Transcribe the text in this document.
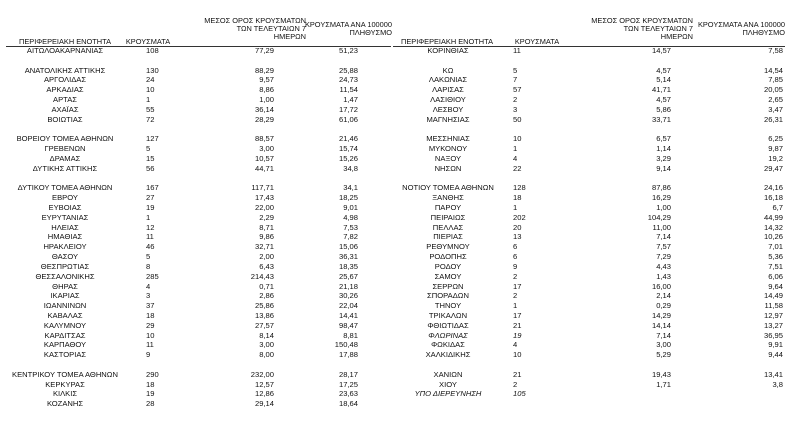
ΠΕΡΙΦΕΡΕΙΑΚΗ ΕΝΟΤΗΤΑ	ΚΡΟΥΣΜΑΤΑ
ΜΕΣΟΣ ΟΡΟΣ ΚΡΟΥΣΜΑΤΩΝ
ΤΩΝ ΤΕΛΕΥΤΑΙΩΝ 7
ΗΜΕΡΩΝ
ΚΡΟΥΣΜΑΤΑ ΑΝΑ 100000
ΠΛΗΘΥΣΜΟ
ΑΙΤΩΛΟΑΚΑΡΝΑΝΙΑΣ	108	77,29	51,23
ΑΝΑΤΟΛΙΚΗΣ ΑΤΤΙΚΗΣ	130	88,29	25,88
ΑΡΓΟΛΙΔΑΣ	24	9,57	24,73
ΑΡΚΑΔΙΑΣ	10	8,86	11,54
ΑΡΤΑΣ	1	1,00	1,47
ΑΧΑΪΑΣ	55	36,14	17,72
ΒΟΙΩΤΙΑΣ	72	28,29	61,06
ΒΟΡΕΙΟΥ ΤΟΜΕΑ ΑΘΗΝΩΝ	127	88,57	21,46
ΓΡΕΒΕΝΩΝ	5	3,00	15,74
ΔΡΑΜΑΣ	15	10,57	15,26
ΔΥΤΙΚΗΣ ΑΤΤΙΚΗΣ	56	44,71	34,8
ΔΥΤΙΚΟΥ ΤΟΜΕΑ ΑΘΗΝΩΝ	167	117,71	34,1
ΕΒΡΟΥ	27	17,43	18,25
ΕΥΒΟΙΑΣ	19	22,00	9,01
ΕΥΡΥΤΑΝΙΑΣ	1	2,29	4,98
ΗΛΕΙΑΣ	12	8,71	7,53
ΗΜΑΘΙΑΣ	11	9,86	7,82
ΗΡΑΚΛΕΙΟΥ	46	32,71	15,06
ΘΑΣΟΥ	5	2,00	36,31
ΘΕΣΠΡΩΤΙΑΣ	8	6,43	18,35
ΘΕΣΣΑΛΟΝΙΚΗΣ	285	214,43	25,67
ΘΗΡΑΣ	4	0,71	21,18
ΙΚΑΡΙΑΣ	3	2,86	30,26
ΙΩΑΝΝΙΝΩΝ	37	25,86	22,04
ΚΑΒΑΛΑΣ	18	13,86	14,41
ΚΑΛΥΜΝΟΥ	29	27,57	98,47
ΚΑΡΔΙΤΣΑΣ	10	8,14	8,81
ΚΑΡΠΑΘΟΥ	11	3,00	150,48
ΚΑΣΤΟΡΙΑΣ	9	8,00	17,88
ΚΕΝΤΡΙΚΟΥ ΤΟΜΕΑ ΑΘΗΝΩΝ	290	232,00	28,17
ΚΕΡΚΥΡΑΣ	18	12,57	17,25
ΚΙΛΚΙΣ	19	12,86	23,63
ΚΟΖΑΝΗΣ	28	29,14	18,64
ΠΕΡΙΦΕΡΕΙΑΚΗ ΕΝΟΤΗΤΑ	ΚΡΟΥΣΜΑΤΑ
ΜΕΣΟΣ ΟΡΟΣ ΚΡΟΥΣΜΑΤΩΝ
ΤΩΝ ΤΕΛΕΥΤΑΙΩΝ 7
ΗΜΕΡΩΝ
ΚΡΟΥΣΜΑΤΑ ΑΝΑ 100000
ΠΛΗΘΥΣΜΟ
ΚΟΡΙΝΘΙΑΣ	11	14,57	7,58
ΚΩ	5	4,57	14,54
ΛΑΚΩΝΙΑΣ	7	5,14	7,85
ΛΑΡΙΣΑΣ	57	41,71	20,05
ΛΑΣΙΘΙΟΥ	2	4,57	2,65
ΛΕΣΒΟΥ	3	5,86	3,47
ΜΑΓΝΗΣΙΑΣ	50	33,71	26,31
ΜΕΣΣΗΝΙΑΣ	10	6,57	6,25
ΜΥΚΟΝΟΥ	1	1,14	9,87
ΝΑΞΟΥ	4	3,29	19,2
ΝΗΣΩΝ	22	9,14	29,47
ΝΟΤΙΟΥ ΤΟΜΕΑ ΑΘΗΝΩΝ	128	87,86	24,16
ΞΑΝΘΗΣ	18	16,29	16,18
ΠΑΡΟΥ	1	1,00	6,7
ΠΕΙΡΑΙΩΣ	202	104,29	44,99
ΠΕΛΛΑΣ	20	11,00	14,32
ΠΙΕΡΙΑΣ	13	7,14	10,26
ΡΕΘΥΜΝΟΥ	6	7,57	7,01
ΡΟΔΟΠΗΣ	6	7,29	5,36
ΡΟΔΟΥ	9	4,43	7,51
ΣΑΜΟΥ	2	1,43	6,06
ΣΕΡΡΩΝ	17	16,00	9,64
ΣΠΟΡΑΔΩΝ	2	2,14	14,49
ΤΗΝΟΥ	1	0,29	11,58
ΤΡΙΚΑΛΩΝ	17	14,29	12,97
ΦΘΙΩΤΙΔΑΣ	21	14,14	13,27
ΦΛΩΡΙΝΑΣ	19	7,14	36,95
ΦΩΚΙΔΑΣ	4	3,00	9,91
ΧΑΛΚΙΔΙΚΗΣ	10	5,29	9,44
ΧΑΝΙΩΝ	21	19,43	13,41
ΧΙΟΥ	2	1,71	3,8
ΥΠΟ ΔΙΕΡΕΥΝΗΣΗ	105
